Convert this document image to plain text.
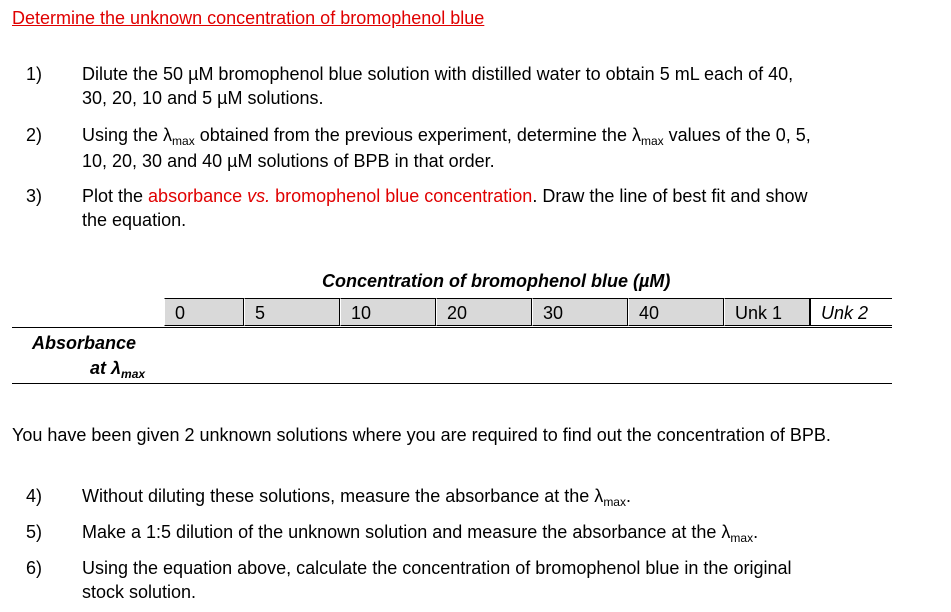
Determine the unknown concentration of bromophenol blue
1) Dilute the 50 µM bromophenol blue solution with distilled water to obtain 5 mL each of 40,
30, 20, 10 and 5 µM solutions.
2) Using the $\lambda_{max}$ obtained from the previous experiment, determine the $\lambda_{max}$ values of the 0, 5,
10, 20, 30 and 40 µM solutions of BPB in that order.
3) Plot the absorbance vs. bromophenol blue concentration. Draw the line of best fit and show
the equation.
Concentration of bromophenol blue (µM)
0	5	10	20	30	40	Unk 1	Unk 2
Absorbance
at $\lambda_{max}$
You have been given 2 unknown solutions where you are required to find out the concentration of BPB.
4) Without diluting these solutions, measure the absorbance at the $\lambda_{max}$.
5) Make a 1:5 dilution of the unknown solution and measure the absorbance at the $\lambda_{max}$.
6) Using the equation above, calculate the concentration of bromophenol blue in the original
stock solution.
